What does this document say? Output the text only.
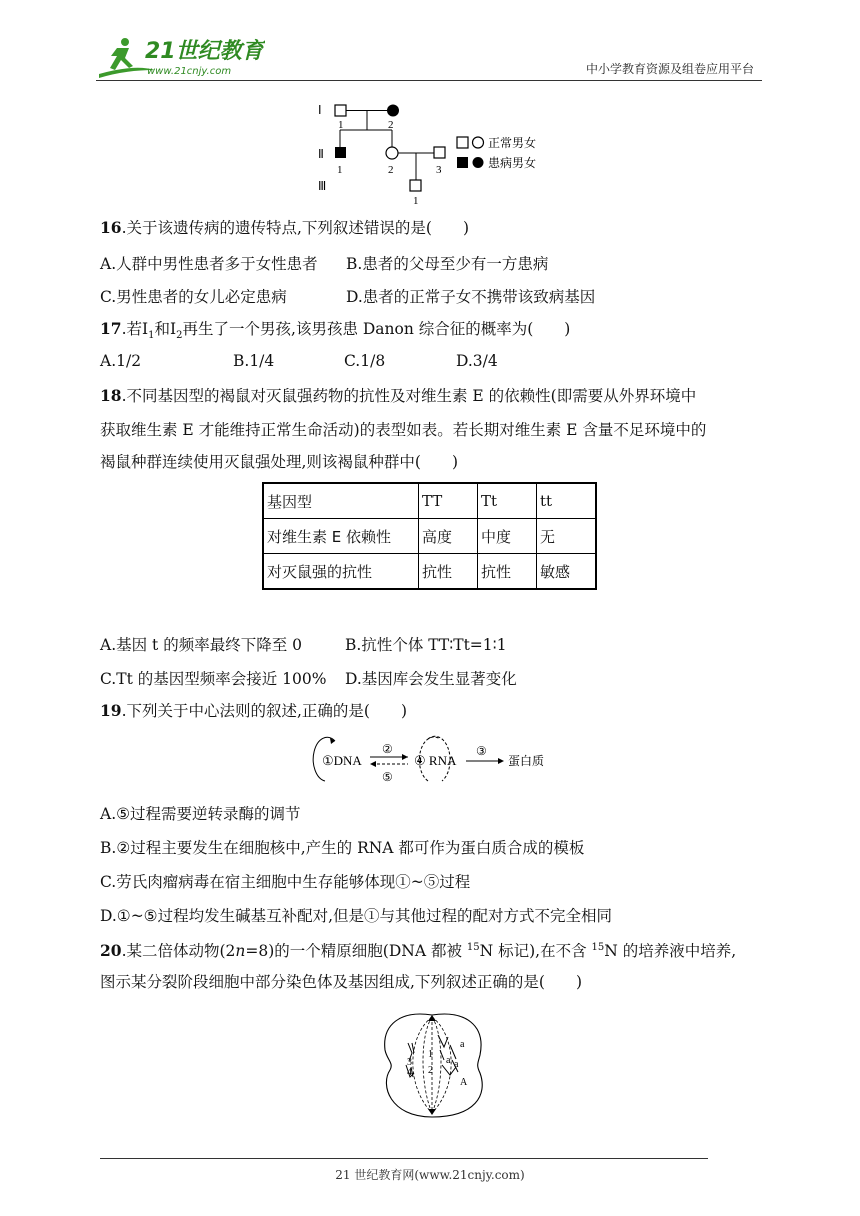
21世纪教育
www.21cnjy.com	中小学教育资源及组卷应用平台
Ⅰ
Ⅱ
Ⅲ
1	2
1	2	3
1
正常男女
患病男女
16.关于该遗传病的遗传特点,下列叙述错误的是(　　)
A.人群中男性患者多于女性患者 B.患者的父母至少有一方患病
C.男性患者的女儿必定患病	D.患者的正常子女不携带该致病基因
17.若$Ⅰ_1$和$Ⅰ_2$再生了一个男孩,该男孩患 Danon 综合征的概率为(　　)
A.1/2	B.1/4	C.1/8	D.3/4
18.不同基因型的褐鼠对灭鼠强药物的抗性及对维生素 E 的依赖性(即需要从外界环境中
获取维生素 E 才能维持正常生命活动)的表型如表。若长期对维生素 E 含量不足环境中的
褐鼠种群连续使用灭鼠强处理,则该褐鼠种群中(　　)
基因型	TT	Tt	tt
对维生素 E 依赖性	高度	中度	无
对灭鼠强的抗性	抗性	抗性	敏感
A.基因 t 的频率最终下降至 0	B.抗性个体 TT∶Tt=1∶1
C.Tt 的基因型频率会接近 100% D.基因库会发生显著变化
19.下列关于中心法则的叙述,正确的是(　　)
①DNA
②
⑤
④ RNA
③
蛋白质
A.⑤过程需要逆转录酶的调节
B.②过程主要发生在细胞核中,产生的 RNA 都可作为蛋白质合成的模板
C.劳氏肉瘤病毒在宿主细胞中生存能够体现①~⑤过程
D.①~⑤过程均发生碱基互补配对,但是①与其他过程的配对方式不完全相同
20.某二倍体动物(2n=8)的一个精原细胞(DNA 都被 $^{15}$N 标记),在不含 $^{15}$N 的培养液中培养,
图示某分裂阶段细胞中部分染色体及基因组成,下列叙述正确的是(　　)
3
4
1
2
a
a a
A
21 世纪教育网(www.21cnjy.com)
